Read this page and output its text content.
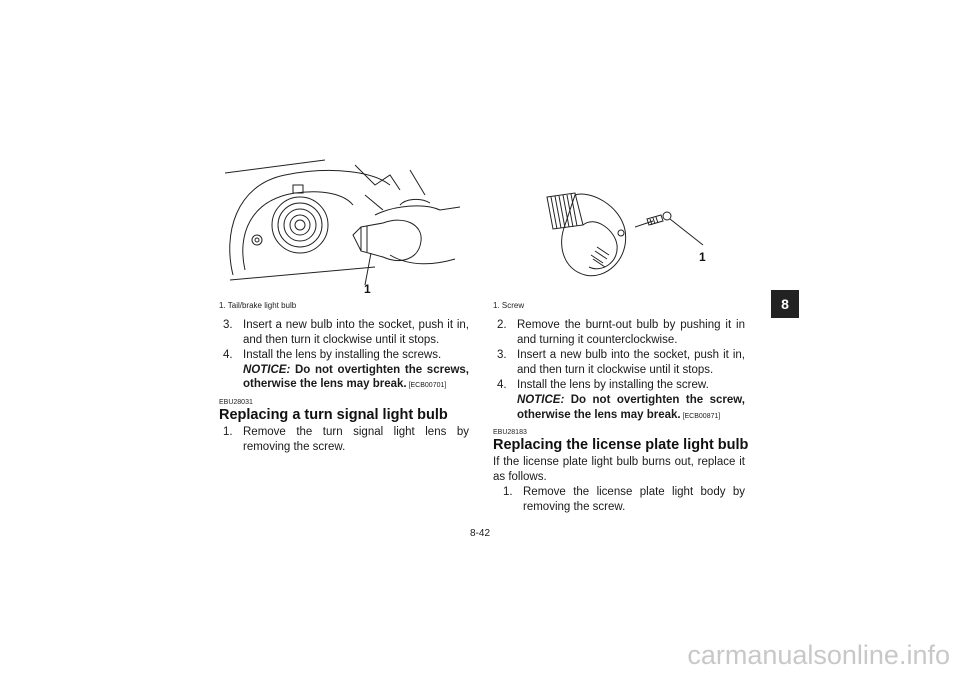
1
1. Tail/brake light bulb
3. Insert a new bulb into the socket, push it in, and then turn it clockwise until it stops.
4. Install the lens by installing the screws.
NOTICE: Do not overtighten the screws, otherwise the lens may break. [ECB00701]
EBU28031
Replacing a turn signal light bulb
1. Remove the turn signal light lens by removing the screw.
1
1. Screw
2. Remove the burnt-out bulb by pushing it in and turning it counterclockwise.
3. Insert a new bulb into the socket, push it in, and then turn it clockwise until it stops.
4. Install the lens by installing the screw.
NOTICE: Do not overtighten the screw, otherwise the lens may break. [ECB00871]
EBU28183
Replacing the license plate light bulb
If the license plate light bulb burns out, replace it as follows.
1. Remove the license plate light body by removing the screw.
8
8-42
carmanualsonline.info
